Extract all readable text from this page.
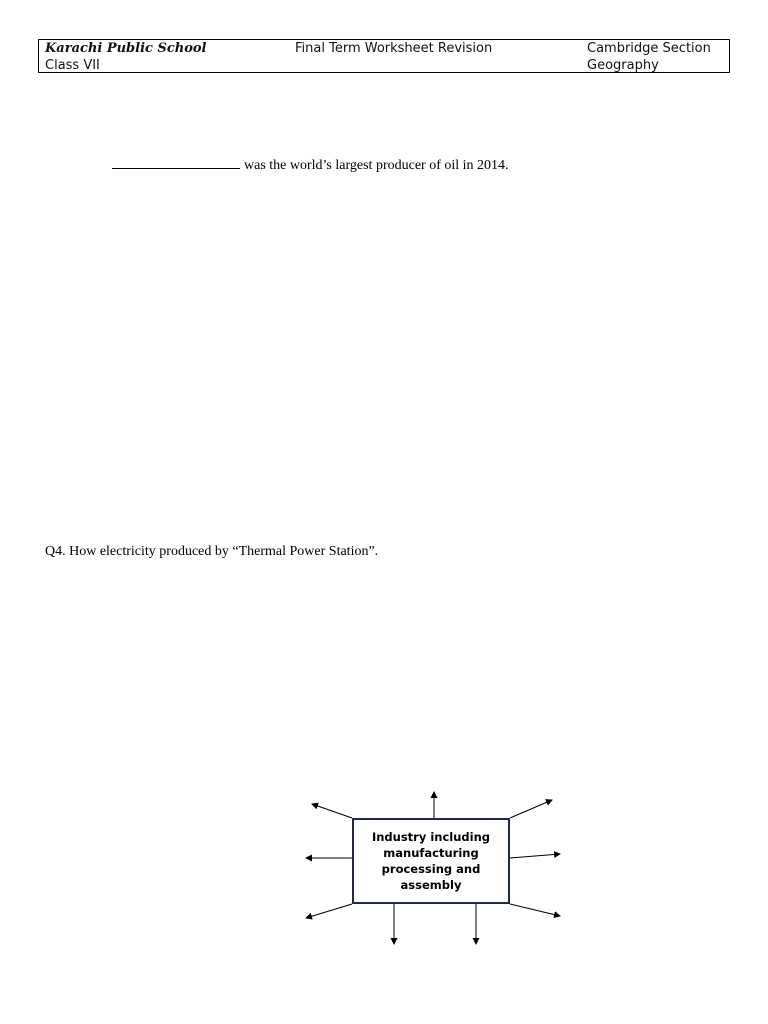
Karachi Public School
Class VII
Final Term Worksheet Revision	Cambridge Section
Geography
was the world’s largest producer of oil in 2014.
Q4. How electricity produced by “Thermal Power Station”.
Industry including manufacturing processing and assembly
